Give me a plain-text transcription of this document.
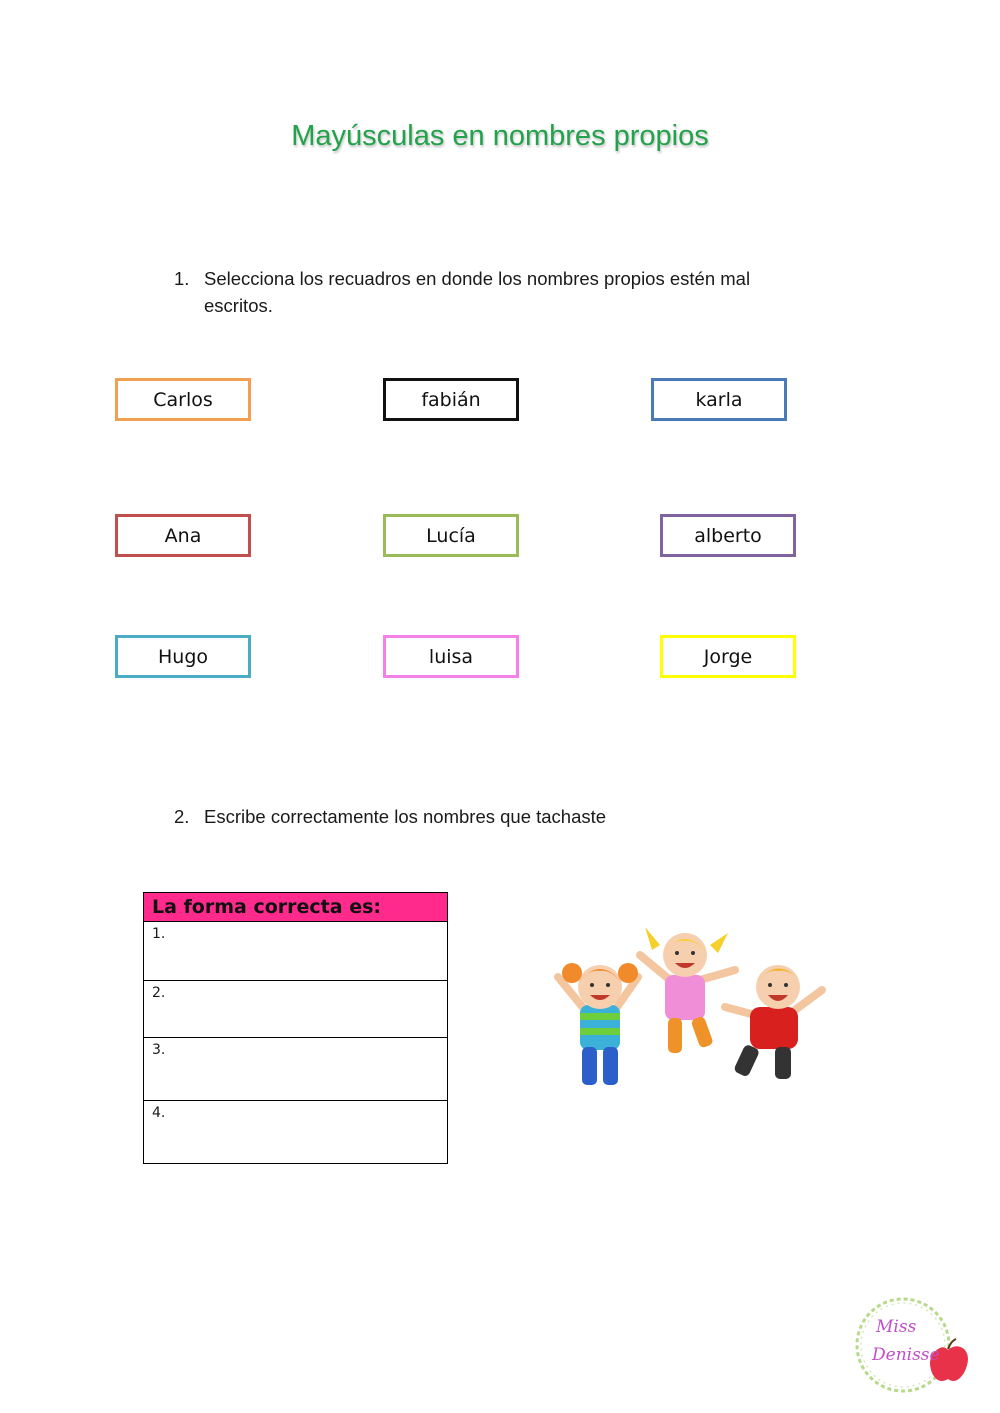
Mayúsculas en nombres propios
1. Selecciona los recuadros en donde los nombres propios estén mal escritos.
Carlos	fabián	karla
Ana	Lucía	alberto
Hugo	luisa	Jorge
2. Escribe correctamente los nombres que tachaste
La forma correcta es:

1.

2.

3.

4.
Miss
Denisse
